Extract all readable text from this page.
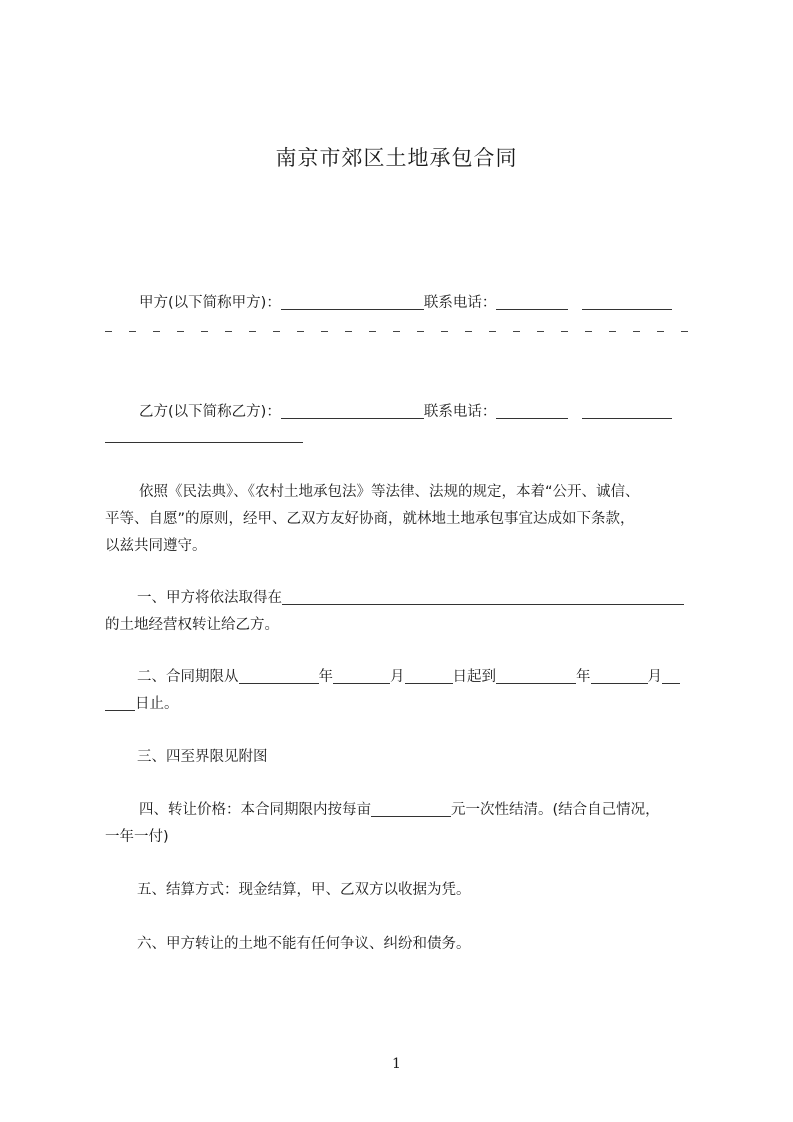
南京市郊区土地承包合同
甲方(以下简称甲方)：	联系电话：
乙方(以下简称乙方)：	联系电话：
依照《民法典》、《农村土地承包法》等法律、法规的规定，本着“公开、诚信、
平等、自愿”的原则，经甲、乙双方友好协商，就林地土地承包事宜达成如下条款，
以兹共同遵守。
一、甲方将依法取得在
的土地经营权转让给乙方。
二、合同期限从	年	月	日起到	年	月
日止。
三、四至界限见附图
四、转让价格：本合同期限内按每亩	元一次性结清。(结合自己情况，
一年一付)
五、结算方式：现金结算，甲、乙双方以收据为凭。
六、甲方转让的土地不能有任何争议、纠纷和债务。
1
